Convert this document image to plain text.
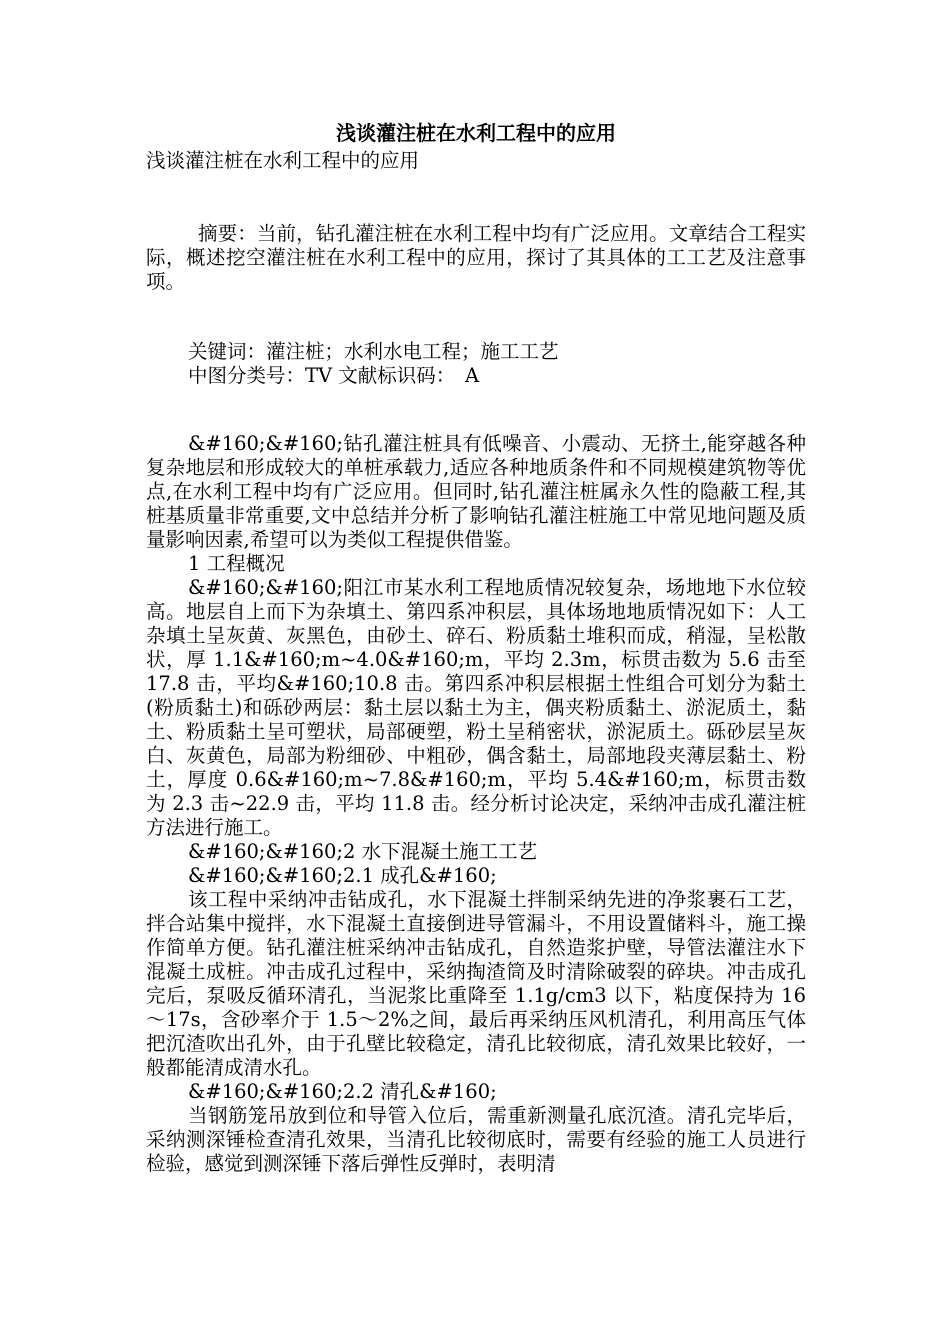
浅谈灌注桩在水利工程中的应用

浅谈灌注桩在水利工程中的应用

摘要：当前，钻孔灌注桩在水利工程中均有广泛应用。文章结合工程实际，概述挖空灌注桩在水利工程中的应用，探讨了其具体的工工艺及注意事项。

关键词：灌注桩；水利水电工程；施工工艺

中图分类号：TV 文献标识码：　A

&#160;&#160;钻孔灌注桩具有低噪音、小震动、无挤土,能穿越各种复杂地层和形成较大的单桩承载力,适应各种地质条件和不同规模建筑物等优点,在水利工程中均有广泛应用。但同时,钻孔灌注桩属永久性的隐蔽工程,其桩基质量非常重要,文中总结并分析了影响钻孔灌注桩施工中常见地问题及质量影响因素,希望可以为类似工程提供借鉴。

1 工程概况

&#160;&#160;阳江市某水利工程地质情况较复杂，场地地下水位较高。地层自上而下为杂填土、第四系冲积层，具体场地地质情况如下：人工杂填土呈灰黄、灰黑色，由砂土、碎石、粉质黏土堆积而成，稍湿，呈松散状，厚 1.1&#160;m~4.0&#160;m，平均 2.3m，标贯击数为 5.6 击至 17.8 击，平均&#160;10.8 击。第四系冲积层根据土性组合可划分为黏土(粉质黏土)和砾砂两层：黏土层以黏土为主，偶夹粉质黏土、淤泥质土，黏土、粉质黏土呈可塑状，局部硬塑，粉土呈稍密状，淤泥质土。砾砂层呈灰白、灰黄色，局部为粉细砂、中粗砂，偶含黏土，局部地段夹薄层黏土、粉土，厚度 0.6&#160;m~7.8&#160;m，平均 5.4&#160;m，标贯击数为 2.3 击~22.9 击，平均 11.8 击。经分析讨论决定，采纳冲击成孔灌注桩方法进行施工。

&#160;&#160;2 水下混凝土施工工艺

&#160;&#160;2.1 成孔&#160;

该工程中采纳冲击钻成孔，水下混凝土拌制采纳先进的净浆裹石工艺，拌合站集中搅拌，水下混凝土直接倒进导管漏斗，不用设置储料斗，施工操作简单方便。钻孔灌注桩采纳冲击钻成孔，自然造浆护壁，导管法灌注水下混凝土成桩。冲击成孔过程中，采纳掏渣筒及时清除破裂的碎块。冲击成孔完后，泵吸反循环清孔，当泥浆比重降至 1.1g/cm3 以下，粘度保持为 16～17s，含砂率介于 1.5～2%之间，最后再采纳压风机清孔，利用高压气体把沉渣吹出孔外，由于孔壁比较稳定，清孔比较彻底，清孔效果比较好，一般都能清成清水孔。

&#160;&#160;2.2 清孔&#160;

当钢筋笼吊放到位和导管入位后，需重新测量孔底沉渣。清孔完毕后，采纳测深锤检查清孔效果，当清孔比较彻底时，需要有经验的施工人员进行检验，感觉到测深锤下落后弹性反弹时，表明清
